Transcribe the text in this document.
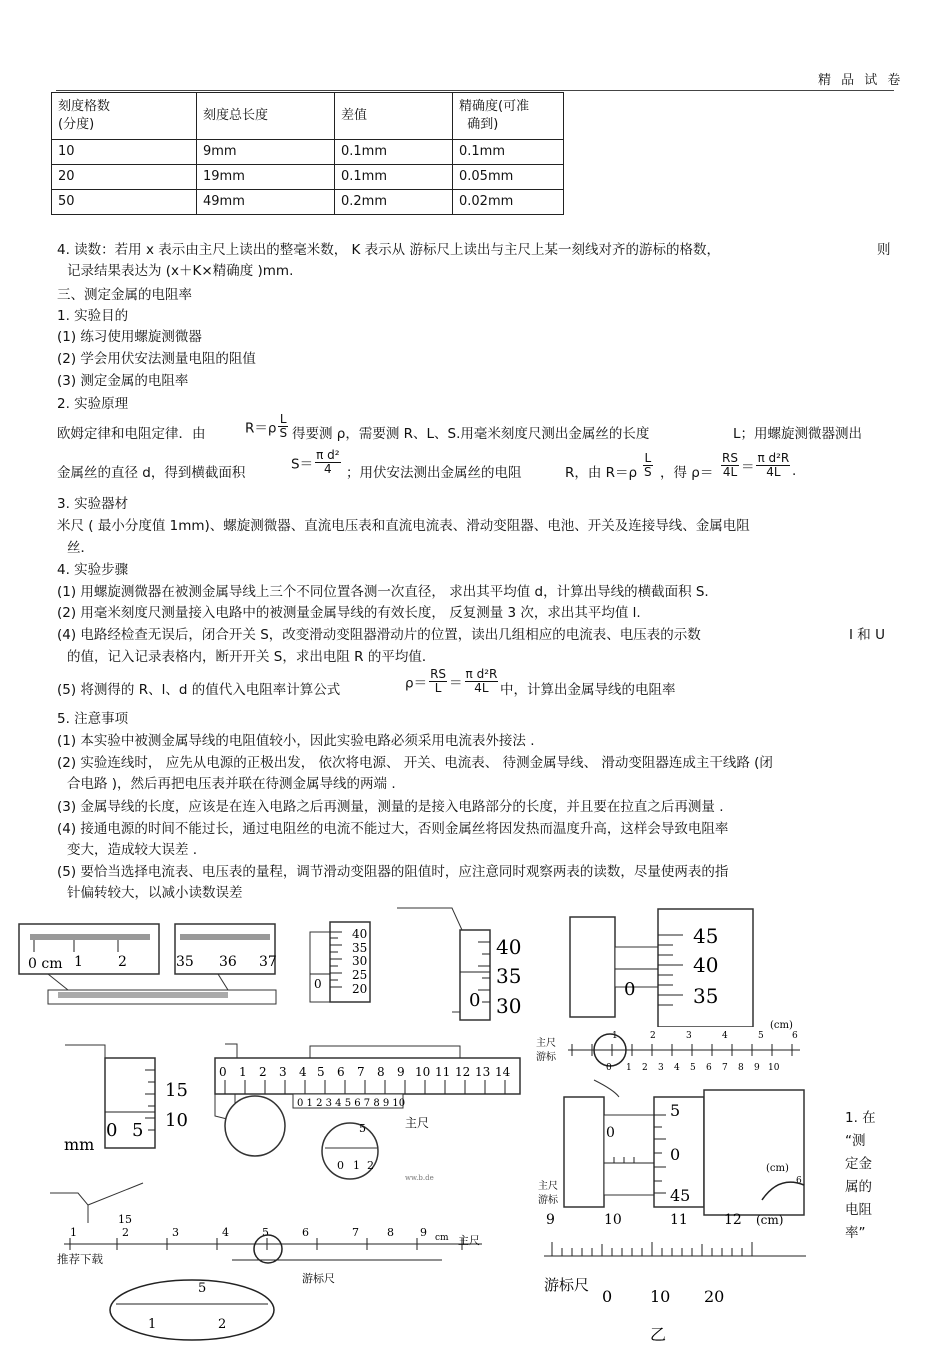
精 品 试 卷
刻度格数
(分度)	刻度总长度	差值	精确度(可准
确到)
10	9mm	0.1mm	0.1mm
20	19mm	0.1mm	0.05mm
50	49mm	0.2mm	0.02mm
4. 读数：若用 x 表示由主尺上读出的整毫米数， K 表示从 游标尺上读出与主尺上某一刻线对齐的游标的格数，	则
记录结果表达为 (x＋K×精确度 )mm.
三、测定金属的电阻率
1. 实验目的
(1) 练习使用螺旋测微器
(2) 学会用伏安法测量电阻的阻值
(3) 测定金属的电阻率
2. 实验原理
欧姆定律和电阻定律．由	$R=\rho \frac{L}{S}$ 得要测 ρ，需要测 R、L、S.用毫米刻度尺测出金属丝的长度	L；用螺旋测微器测出
金属丝的直径 d，得到横截面积
$S= \frac{\text{π d²}}{4}$ ；用伏安法测出金属丝的电阻	R，由 $R=\rho \frac{L}{S}$ ，得 $\rho= \frac{RS}{4L} = \frac{\text{π d²R}}{4L}$ .
3. 实验器材
米尺 ( 最小分度值 1mm)、螺旋测微器、直流电压表和直流电流表、滑动变阻器、电池、开关及连接导线、金属电阻
丝．
4. 实验步骤
(1) 用螺旋测微器在被测金属导线上三个不同位置各测一次直径， 求出其平均值 d，计算出导线的横截面积 S.
(2) 用毫米刻度尺测量接入电路中的被测量金属导线的有效长度， 反复测量 3 次，求出其平均值 l.
(4) 电路经检查无误后，闭合开关 S，改变滑动变阻器滑动片的位置，读出几组相应的电流表、电压表的示数	I 和 U
的值，记入记录表格内，断开开关 S，求出电阻 R 的平均值．
(5) 将测得的 R、l、d 的值代入电阻率计算公式	$\rho= \frac{RS}{L} = \frac{\text{π d²R}}{4L}$ 中，计算出金属导线的电阻率
5. 注意事项
(1) 本实验中被测金属导线的电阻值较小，因此实验电路必须采用电流表外接法 .
(2) 实验连线时， 应先从电源的正极出发， 依次将电源、 开关、电流表、 待测金属导线、 滑动变阻器连成主干线路 (闭
合电路 )，然后再把电压表并联在待测金属导线的两端 .
(3) 金属导线的长度，应该是在连入电路之后再测量，测量的是接入电路部分的长度，并且要在拉直之后再测量 .
(4) 接通电源的时间不能过长，通过电阻丝的电流不能过大，否则金属丝将因发热而温度升高，这样会导致电阻率
变大，造成较大误差 .
(5) 要恰当选择电流表、电压表的量程，调节滑动变阻器的阻值时，应注意同时观察两表的读数，尽量使两表的指
针偏转较大，以减小读数误差
0 cm 1	2	35 36 37
40
35
30
25
20
0
40
35
30
0
45
40
35
0
15
10
0 5
mm
0 1 2 3 4 5 6 7 8 9 10 11 12 13 14
0 1 2 3 4 5 6 7 8 9 10
5
0 1 2
主尺
ww.b.de
主尺
游标
(cm)
1	2	3	4	5	6
0 1 2 3 4 5 6 7 8 9 10
5
0
45
0
主尺
游标
(cm)
6
1. 在
“测
定金
属的
电阻
率”
15
1	2	3	4	5	6	7	8 9 cm 主尺
游标尺
5
1	2
推荐下载
9	10	11	12 (cm)
游标尺
0 10 20
乙
